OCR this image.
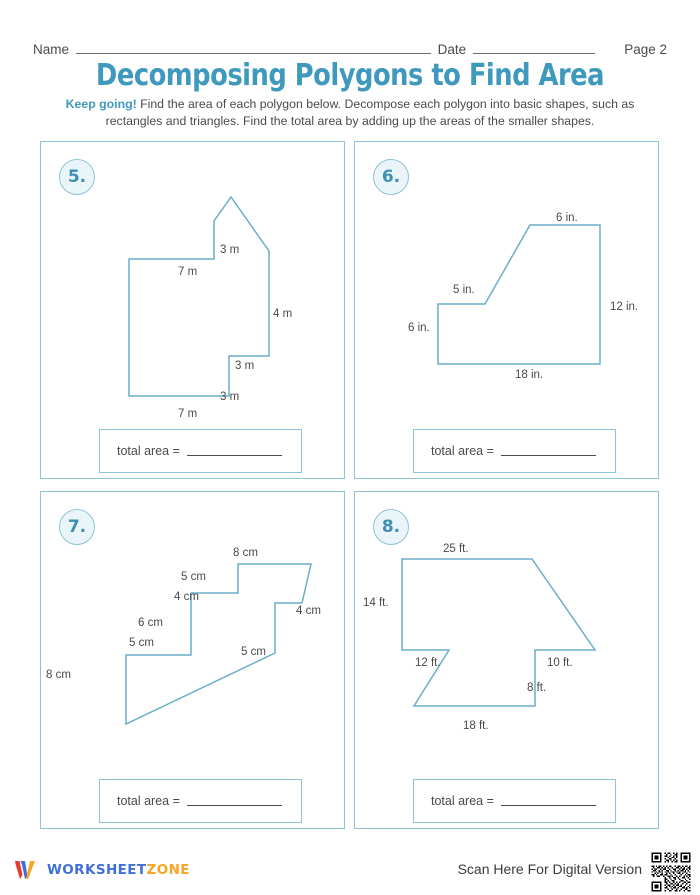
Name	Date	Page 2
Decomposing Polygons to Find Area
Keep going! Find the area of each polygon below. Decompose each polygon into basic shapes, such as rectangles and triangles. Find the total area by adding up the areas of the smaller shapes.
5.
3 m
7 m
4 m
3 m
3 m
7 m
total area =
6.
6 in.
5 in.
12 in.
6 in.
18 in.
total area =
7.
8 cm
5 cm
4 cm
4 cm
6 cm
5 cm
5 cm
8 cm
total area =
8.
25 ft.
14 ft.
12 ft.	10 ft.
8 ft.
18 ft.
total area =
WORKSHEETZONE	Scan Here For Digital Version
